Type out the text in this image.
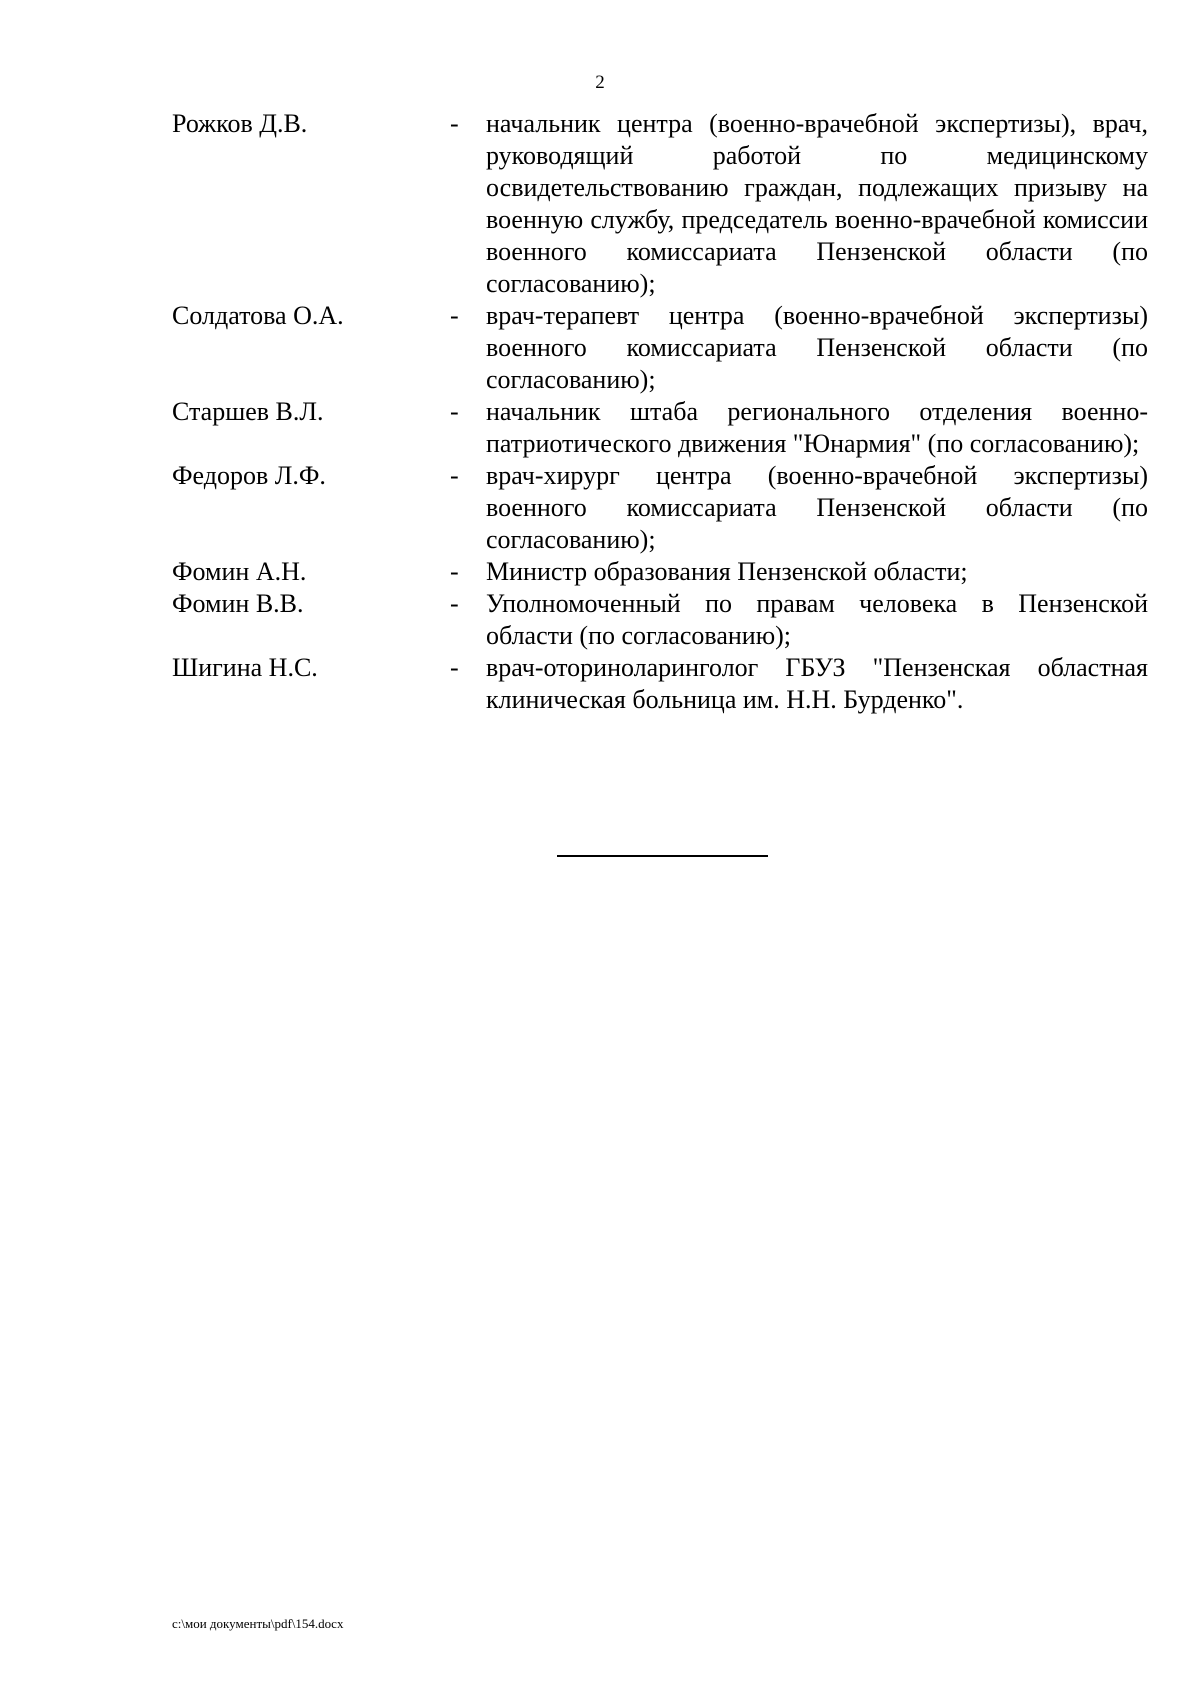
2
Рожков Д.В.	-	начальник центра (военно-врачебной экспертизы), врач, руководящий работой по медицинскому освидетельствованию граждан, подлежащих призыву на военную службу, председатель военно-врачебной комиссии военного комиссариата Пензенской области (по согласованию);
Солдатова О.А.	-	врач-терапевт центра (военно-врачебной экспертизы) военного комиссариата Пензенской области (по согласованию);
Старшев В.Л.	-	начальник штаба регионального отделения военно-патриотического движения "Юнармия" (по согласованию);
Федоров Л.Ф.	-	врач-хирург центра (военно-врачебной экспертизы) военного комиссариата Пензенской области (по согласованию);
Фомин А.Н.	-	Министр образования Пензенской области;
Фомин В.В.	-	Уполномоченный по правам человека в Пензенской области (по согласованию);
Шигина Н.С.	-	врач-оториноларинголог ГБУЗ "Пензенская областная клиническая больница им. Н.Н. Бурденко".
c:\мои документы\pdf\154.docx
